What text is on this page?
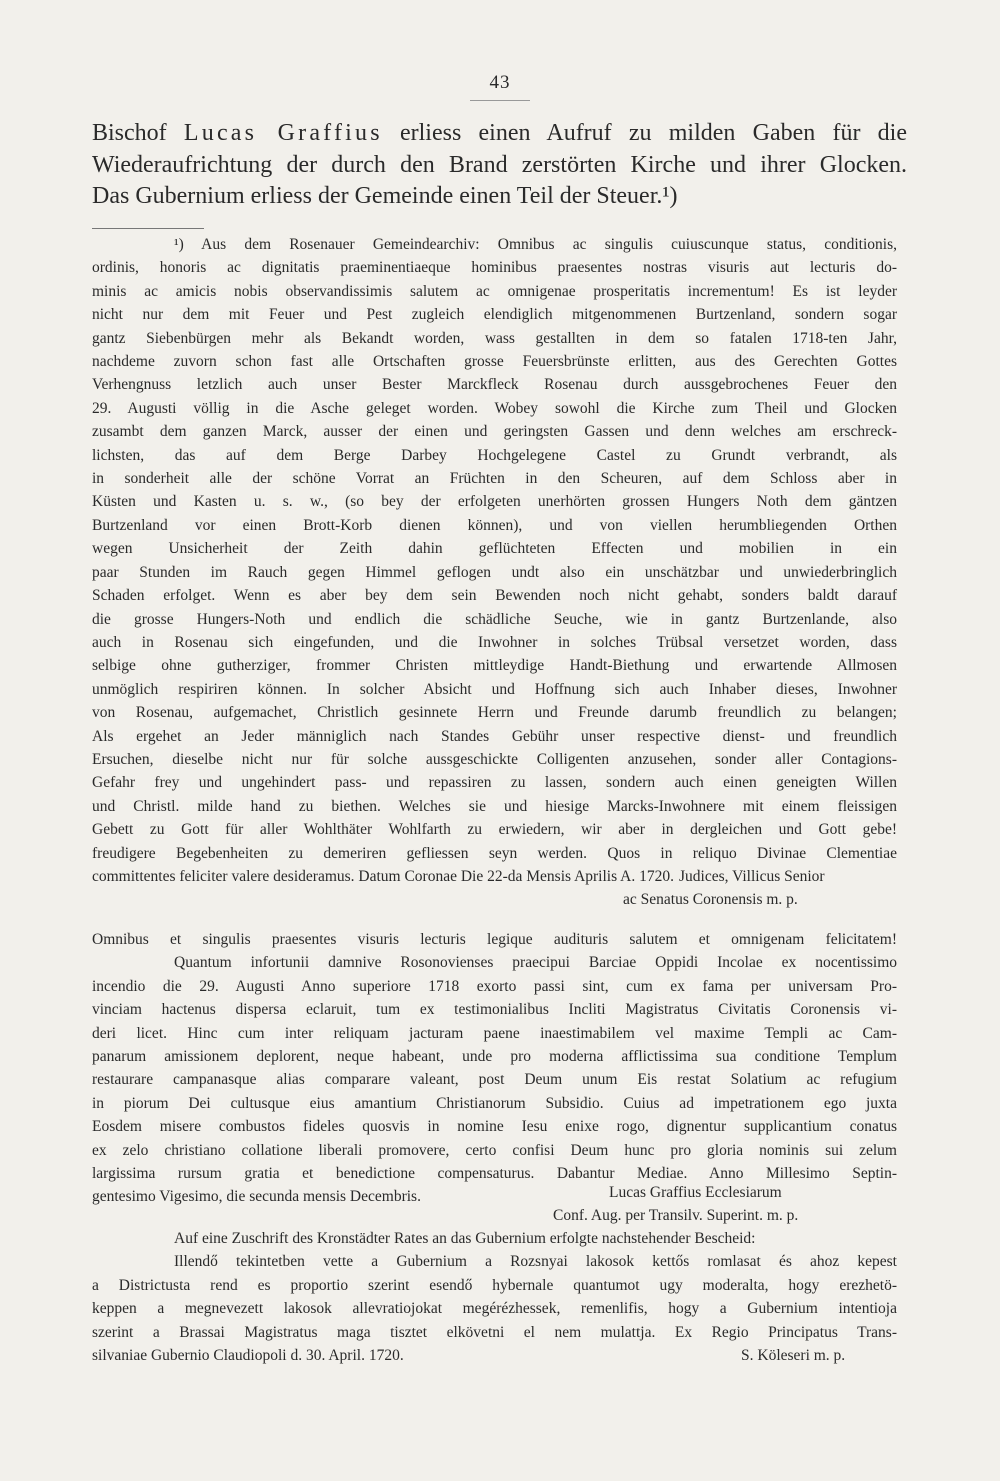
43
Bischof Lucas Graffius erliess einen Aufruf zu milden Gaben für die
Wiederaufrichtung der durch den Brand zerstörten Kirche und ihrer Glocken.
Das Gubernium erliess der Gemeinde einen Teil der Steuer.¹)
¹) Aus dem Rosenauer Gemeindearchiv: Omnibus ac singulis cuiuscunque status, conditionis,
ordinis, honoris ac dignitatis praeminentiaeque hominibus praesentes nostras visuris aut lecturis do-
minis ac amicis nobis observandissimis salutem ac omnigenae prosperitatis incrementum! Es ist leyder
nicht nur dem mit Feuer und Pest zugleich elendiglich mitgenommenen Burtzenland, sondern sogar
gantz Siebenbürgen mehr als Bekandt worden, wass gestallten in dem so fatalen 1718-ten Jahr,
nachdeme zuvorn schon fast alle Ortschaften grosse Feuersbrünste erlitten, aus des Gerechten Gottes
Verhengnuss letzlich auch unser Bester Marckfleck Rosenau durch aussgebrochenes Feuer den
29. Augusti völlig in die Asche geleget worden. Wobey sowohl die Kirche zum Theil und Glocken
zusambt dem ganzen Marck, ausser der einen und geringsten Gassen und denn welches am erschreck-
lichsten, das auf dem Berge Darbey Hochgelegene Castel zu Grundt verbrandt, als
in sonderheit alle der schöne Vorrat an Früchten in den Scheuren, auf dem Schloss aber in
Küsten und Kasten u. s. w., (so bey der erfolgeten unerhörten grossen Hungers Noth dem gäntzen
Burtzenland vor einen Brott-Korb dienen können), und von viellen herumbliegenden Orthen
wegen Unsicherheit der Zeith dahin geflüchteten Effecten und mobilien in ein
paar Stunden im Rauch gegen Himmel geflogen undt also ein unschätzbar und unwiederbringlich
Schaden erfolget. Wenn es aber bey dem sein Bewenden noch nicht gehabt, sonders baldt darauf
die grosse Hungers-Noth und endlich die schädliche Seuche, wie in gantz Burtzenlande, also
auch in Rosenau sich eingefunden, und die Inwohner in solches Trübsal versetzet worden, dass
selbige ohne gutherziger, frommer Christen mittleydige Handt-Biethung und erwartende Allmosen
unmöglich respiriren können. In solcher Absicht und Hoffnung sich auch Inhaber dieses, Inwohner
von Rosenau, aufgemachet, Christlich gesinnete Herrn und Freunde darumb freundlich zu belangen;
Als ergehet an Jeder männiglich nach Standes Gebühr unser respective dienst- und freundlich
Ersuchen, dieselbe nicht nur für solche aussgeschickte Colligenten anzusehen, sonder aller Contagions-
Gefahr frey und ungehindert pass- und repassiren zu lassen, sondern auch einen geneigten Willen
und Christl. milde hand zu biethen. Welches sie und hiesige Marcks-Inwohnere mit einem fleissigen
Gebett zu Gott für aller Wohlthäter Wohlfarth zu erwiedern, wir aber in dergleichen und Gott gebe!
freudigere Begebenheiten zu demeriren gefliessen seyn werden. Quos in reliquo Divinae Clementiae
committentes feliciter valere desideramus. Datum Coronae Die 22-da Mensis Aprilis A. 1720. Judices, Villicus Senior
ac Senatus Coronensis m. p.
Omnibus et singulis praesentes visuris lecturis legique audituris salutem et omnigenam felicitatem!
Quantum infortunii damnive Rosonovienses praecipui Barciae Oppidi Incolae ex nocentissimo
incendio die 29. Augusti Anno superiore 1718 exorto passi sint, cum ex fama per universam Pro-
vinciam hactenus dispersa eclaruit, tum ex testimonialibus Incliti Magistratus Civitatis Coronensis vi-
deri licet. Hinc cum inter reliquam jacturam paene inaestimabilem vel maxime Templi ac Cam-
panarum amissionem deplorent, neque habeant, unde pro moderna afflictissima sua conditione Templum
restaurare campanasque alias comparare valeant, post Deum unum Eis restat Solatium ac refugium
in piorum Dei cultusque eius amantium Christianorum Subsidio. Cuius ad impetrationem ego juxta
Eosdem misere combustos fideles quosvis in nomine Iesu enixe rogo, dignentur supplicantium conatus
ex zelo christiano collatione liberali promovere, certo confisi Deum hunc pro gloria nominis sui zelum
largissima rursum gratia et benedictione compensaturus. Dabantur Mediae. Anno Millesimo Septin-
gentesimo Vigesimo, die secunda mensis Decembris.	Lucas Graffius Ecclesiarum
Conf. Aug. per Transilv. Superint. m. p.
Auf eine Zuschrift des Kronstädter Rates an das Gubernium erfolgte nachstehender Bescheid:
Illendő tekintetben vette a Gubernium a Rozsnyai lakosok kettős romlasat és ahoz kepest
a Districtusta rend es proportio szerint esendő hybernale quantumot ugy moderalta, hogy erezhetö-
keppen a megnevezett lakosok allevratiojokat megérézhessek, remenlifis, hogy a Gubernium intentioja
szerint a Brassai Magistratus maga tisztet elkövetni el nem mulattja. Ex Regio Principatus Trans-
silvaniae Gubernio Claudiopoli d. 30. April. 1720.	S. Köleseri m. p.
